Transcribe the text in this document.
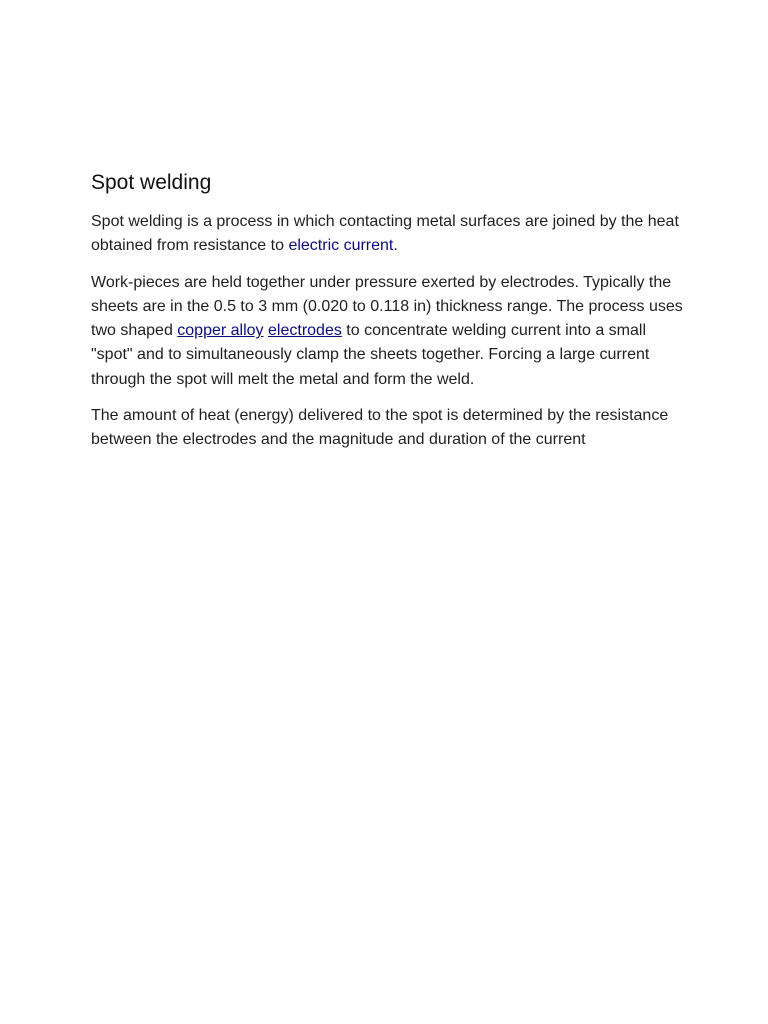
Spot welding

Spot welding is a process in which contacting metal surfaces are joined by the heat obtained from resistance to electric current.

Work-pieces are held together under pressure exerted by electrodes. Typically the sheets are in the 0.5 to 3 mm (0.020 to 0.118 in) thickness range. The process uses two shaped copper alloy electrodes to concentrate welding current into a small "spot" and to simultaneously clamp the sheets together. Forcing a large current through the spot will melt the metal and form the weld.

The amount of heat (energy) delivered to the spot is determined by the resistance between the electrodes and the magnitude and duration of the current
